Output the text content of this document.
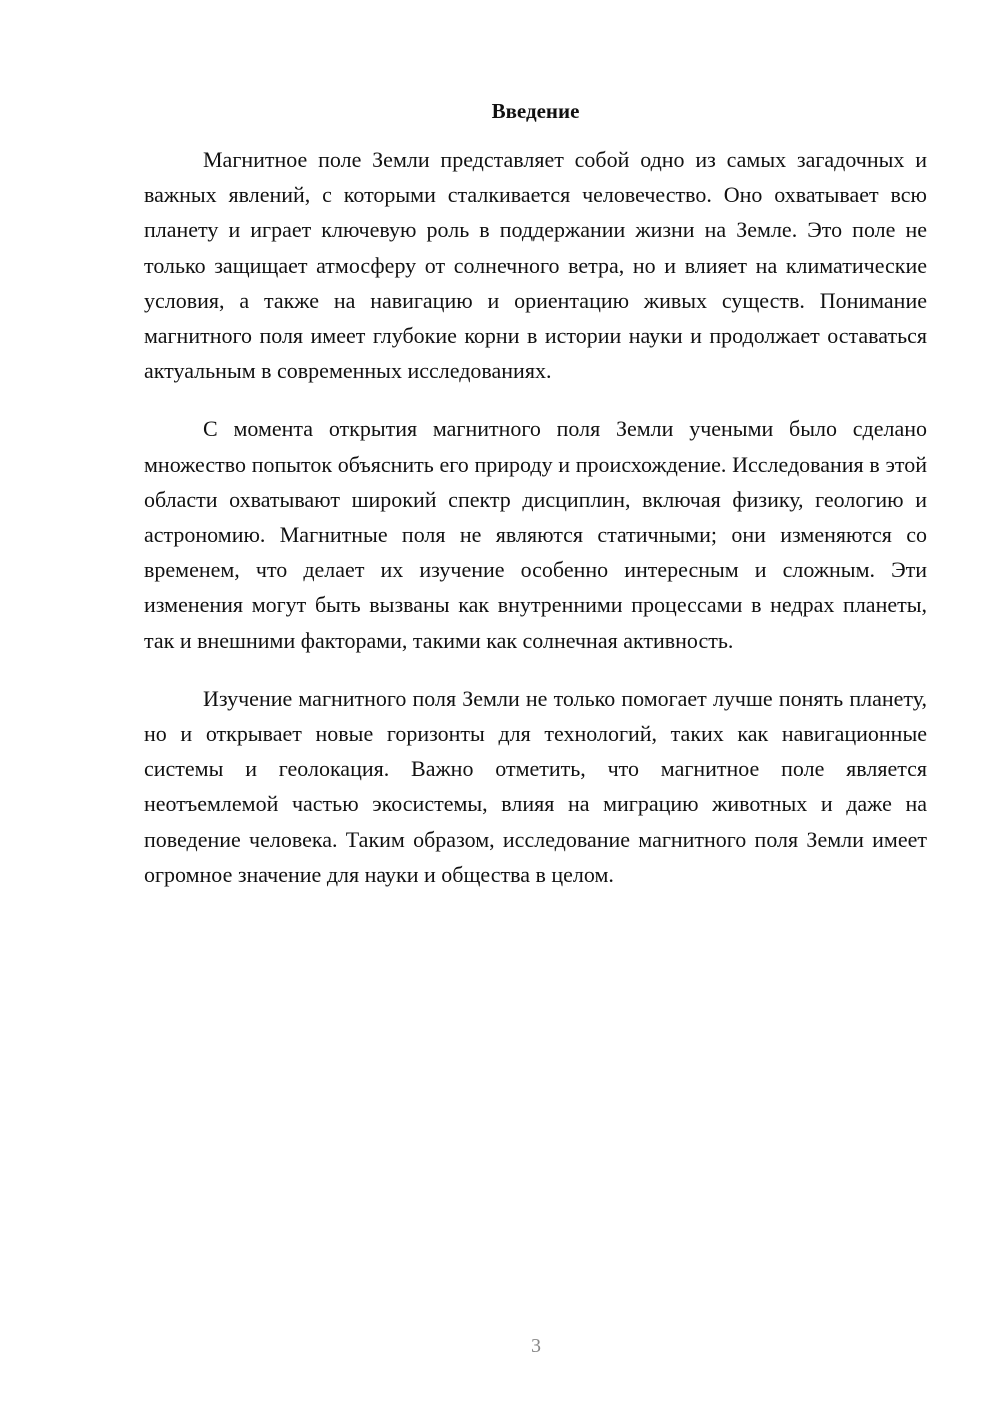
Введение

Магнитное поле Земли представляет собой одно из самых загадочных и важных явлений, с которыми сталкивается человечество. Оно охватывает всю планету и играет ключевую роль в поддержании жизни на Земле. Это поле не только защищает атмосферу от солнечного ветра, но и влияет на климатические условия, а также на навигацию и ориентацию живых существ. Понимание магнитного поля имеет глубокие корни в истории науки и продолжает оставаться актуальным в современных исследованиях.

С момента открытия магнитного поля Земли учеными было сделано множество попыток объяснить его природу и происхождение. Исследования в этой области охватывают широкий спектр дисциплин, включая физику, геологию и астрономию. Магнитные поля не являются статичными; они изменяются со временем, что делает их изучение особенно интересным и сложным. Эти изменения могут быть вызваны как внутренними процессами в недрах планеты, так и внешними факторами, такими как солнечная активность.

Изучение магнитного поля Земли не только помогает лучше понять планету, но и открывает новые горизонты для технологий, таких как навигационные системы и геолокация. Важно отметить, что магнитное поле является неотъемлемой частью экосистемы, влияя на миграцию животных и даже на поведение человека. Таким образом, исследование магнитного поля Земли имеет огромное значение для науки и общества в целом.

3
